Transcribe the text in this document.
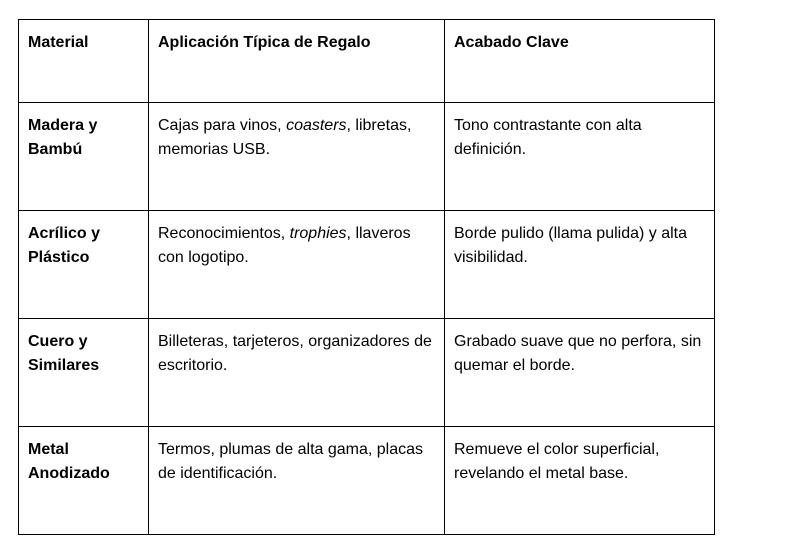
Material	Aplicación Típica de Regalo	Acabado Clave
Madera y Bambú	Cajas para vinos, coasters, libretas, memorias USB.	Tono contrastante con alta definición.
Acrílico y Plástico	Reconocimientos, trophies, llaveros con logotipo.	Borde pulido (llama pulida) y alta visibilidad.
Cuero y Similares	Billeteras, tarjeteros, organizadores de escritorio.	Grabado suave que no perfora, sin quemar el borde.
Metal Anodizado	Termos, plumas de alta gama, placas de identificación.	Remueve el color superficial, revelando el metal base.
